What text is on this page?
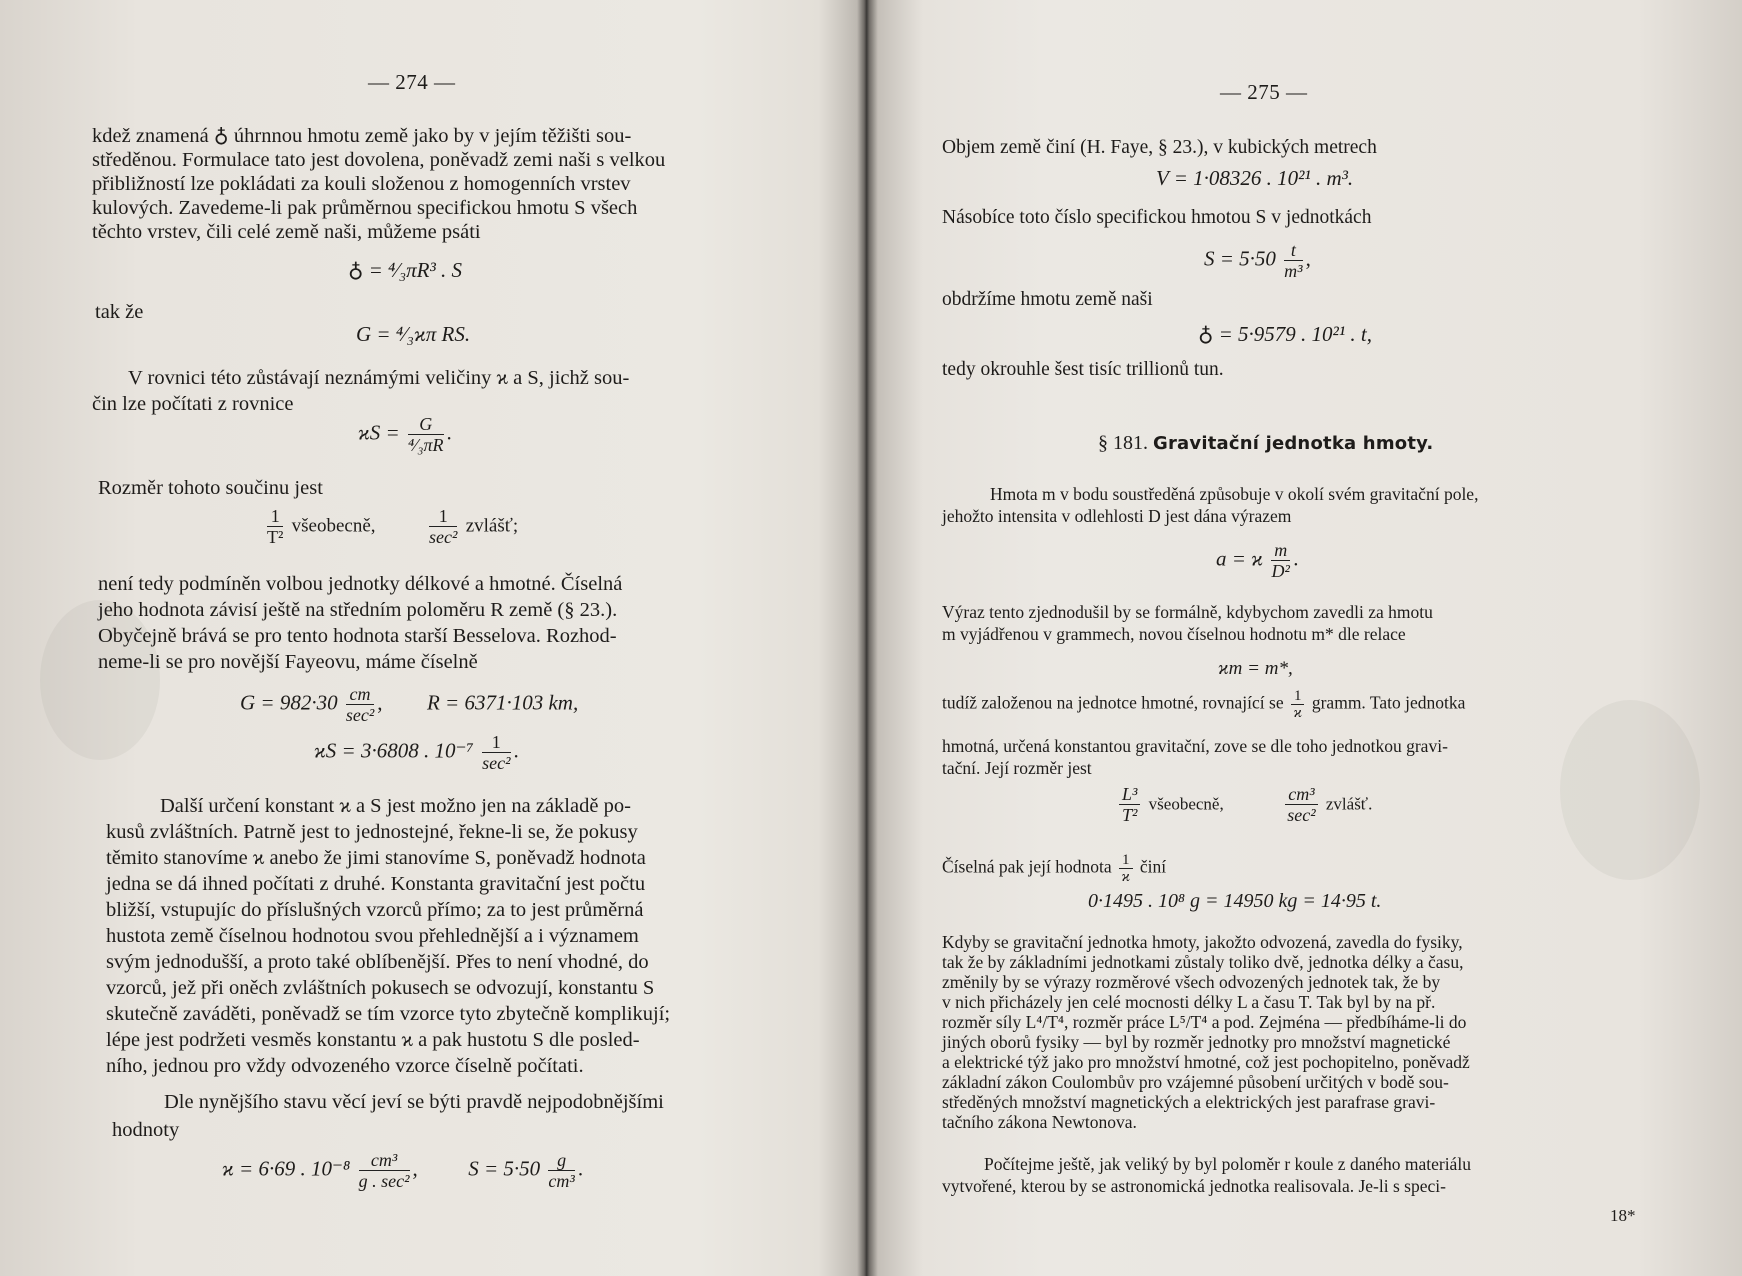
— 274 —
kdež znamená ♁ úhrnnou hmotu země jako by v jejím těžišti sou-
středěnou. Formulace tato jest dovolena, poněvadž zemi naši s velkou
přibližností lze pokládati za kouli složenou z homogenních vrstev
kulových. Zavedeme-li pak průměrnou specifickou hmotu S všech
těchto vrstev, čili celé země naši, můžeme psáti
♁ = ⁴⁄₃πR³ . S
tak že
G = ⁴⁄₃ϰπ RS.
V rovnici této zůstávají neznámými veličiny ϰ a S, jichž sou-
čin lze počítati z rovnice
$ϰS = \frac{G}{\text{⁴⁄₃πR}}$ .
Rozměr tohoto součinu jest
$\frac{1}{\text{T²}}$ všeobecně,	$\frac{1}{\text{sec²}}$ zvlášť;
není tedy podmíněn volbou jednotky délkové a hmotné. Číselná
jeho hodnota závisí ještě na středním poloměru R země (§ 23.).
Obyčejně brává se pro tento hodnota starší Besselova. Rozhod-
neme-li se pro novější Fayeovu, máme číselně
$G = 982\cdot 30 \frac{cm}{\text{sec²}}$ , R = 6371·103 km,
ϰS = 3·6808 . $10^{-7} \frac{1}{\text{sec²}}$ .
Další určení konstant ϰ a S jest možno jen na základě po-
kusů zvláštních. Patrně jest to jednostejné, řekne-li se, že pokusy
těmito stanovíme ϰ anebo že jimi stanovíme S, poněvadž hodnota
jedna se dá ihned počítati z druhé. Konstanta gravitační jest počtu
bližší, vstupujíc do příslušných vzorců přímo; za to jest průměrná
hustota země číselnou hodnotou svou přehlednější a i významem
svým jednodušší, a proto také oblíbenější. Přes to není vhodné, do
vzorců, jež při oněch zvláštních pokusech se odvozují, konstantu S
skutečně zaváděti, poněvadž se tím vzorce tyto zbytečně komplikují;
lépe jest podržeti vesměs konstantu ϰ a pak hustotu S dle posled-
ního, jednou pro vždy odvozeného vzorce číselně počítati.
Dle nynějšího stavu věcí jeví se býti pravdě nejpodobnějšími
hodnoty
ϰ = 6·69 . $10^{-8} \frac{\text{cm³}}{\text{g . sec²}}$ , $S = 5\cdot 50 \frac{g}{\text{cm³}}$ .
— 275 —
Objem země činí (H. Faye, § 23.), v kubických metrech
V = 1·08326 . 10²¹ . m³.
Násobíce toto číslo specifickou hmotou S v jednotkách
$S = 5\cdot 50 \frac{t}{\text{m³}}$ ,
obdržíme hmotu země naši
♁ = 5·9579 . 10²¹ . t,
tedy okrouhle šest tisíc trillionů tun.
§ 181. Gravitační jednotka hmoty.
Hmota m v bodu soustředěná způsobuje v okolí svém gravitační pole,
jehožto intensita v odlehlosti D jest dána výrazem
a = ϰ $\frac{m}{\text{D²}}$ .
Výraz tento zjednodušil by se formálně, kdybychom zavedli za hmotu
m vyjádřenou v grammech, novou číselnou hodnotu m* dle relace
ϰm = m*,
tudíž založenou na jednotce hmotné, rovnající se $\frac{1}{ϰ}$ gramm. Tato jednotka
hmotná, určená konstantou gravitační, zove se dle toho jednotkou gravi-
tační. Její rozměr jest
$\frac{\text{L³}}{\text{T²}}$ všeobecně,	$\frac{\text{cm³}}{\text{sec²}}$ zvlášť.
Číselná pak její hodnota $\frac{1}{ϰ}$ činí
0·1495 . 10⁸ g = 14950 kg = 14·95 t.
Kdyby se gravitační jednotka hmoty, jakožto odvozená, zavedla do fysiky,
tak že by základními jednotkami zůstaly toliko dvě, jednotka délky a času,
změnily by se výrazy rozměrové všech odvozených jednotek tak, že by
v nich přicházely jen celé mocnosti délky L a času T. Tak byl by na př.
rozměr síly L⁴/T⁴, rozměr práce L⁵/T⁴ a pod. Zejména — předbíháme-li do
jiných oborů fysiky — byl by rozměr jednotky pro množství magnetické
a elektrické týž jako pro množství hmotné, což jest pochopitelno, poněvadž
základní zákon Coulombův pro vzájemné působení určitých v bodě sou-
středěných množství magnetických a elektrických jest parafrase gravi-
tačního zákona Newtonova.
Počítejme ještě, jak veliký by byl poloměr r koule z daného materiálu
vytvořené, kterou by se astronomická jednotka realisovala. Je-li s speci-
18*
